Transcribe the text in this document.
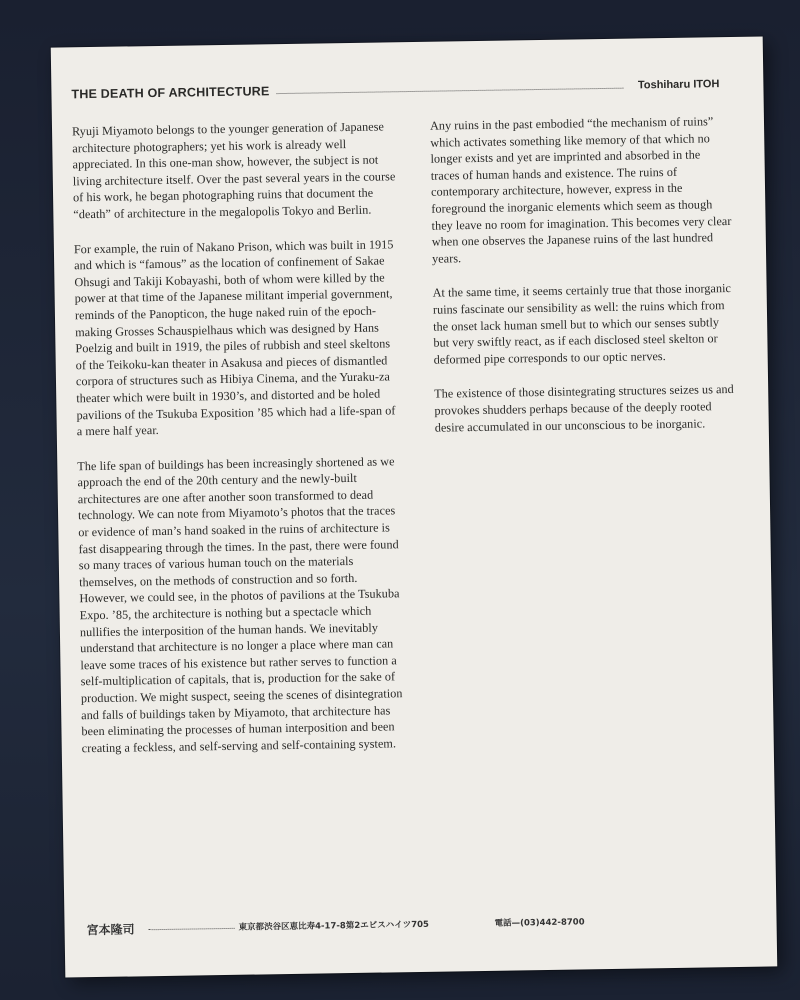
THE DEATH OF ARCHITECTURE	Toshiharu ITOH

Ryuji Miyamoto belongs to the younger generation of Japanese architecture photographers; yet his work is already well appreciated. In this one-man show, however, the subject is not living architecture itself. Over the past several years in the course of his work, he began photographing ruins that document the “death” of architecture in the megalopolis Tokyo and Berlin.

For example, the ruin of Nakano Prison, which was built in 1915 and which is “famous” as the location of confinement of Sakae Ohsugi and Takiji Kobayashi, both of whom were killed by the power at that time of the Japanese militant imperial government, reminds of the Panopticon, the huge naked ruin of the epoch-making Grosses Schauspielhaus which was designed by Hans Poelzig and built in 1919, the piles of rubbish and steel skeltons of the Teikoku-kan theater in Asakusa and pieces of dismantled corpora of structures such as Hibiya Cinema, and the Yuraku-za theater which were built in 1930’s, and distorted and be holed pavilions of the Tsukuba Exposition ’85 which had a life-span of a mere half year.

The life span of buildings has been increasingly shortened as we approach the end of the 20th century and the newly-built architectures are one after another soon transformed to dead technology. We can note from Miyamoto’s photos that the traces or evidence of man’s hand soaked in the ruins of architecture is fast disappearing through the times. In the past, there were found so many traces of various human touch on the materials themselves, on the methods of construction and so forth. However, we could see, in the photos of pavilions at the Tsukuba Expo. ’85, the architecture is nothing but a spectacle which nullifies the interposition of the human hands. We inevitably understand that architecture is no longer a place where man can leave some traces of his existence but rather serves to function a self-multiplication of capitals, that is, production for the sake of production. We might suspect, seeing the scenes of disintegration and falls of buildings taken by Miyamoto, that architecture has been eliminating the processes of human interposition and been creating a feckless, and self-serving and self-containing system.

Any ruins in the past embodied “the mechanism of ruins” which activates something like memory of that which no longer exists and yet are imprinted and absorbed in the traces of human hands and existence. The ruins of contemporary architecture, however, express in the foreground the inorganic elements which seem as though they leave no room for imagination. This becomes very clear when one observes the Japanese ruins of the last hundred years.

At the same time, it seems certainly true that those inorganic ruins fascinate our sensibility as well: the ruins which from the onset lack human smell but to which our senses subtly but very swiftly react, as if each disclosed steel skelton or deformed pipe corresponds to our optic nerves.

The existence of those disintegrating structures seizes us and provokes shudders perhaps because of the deeply rooted desire accumulated in our unconscious to be inorganic.

宮本隆司	東京都渋谷区恵比寿4-17-8第2エビスハイツ705	電話—(03)442-8700
